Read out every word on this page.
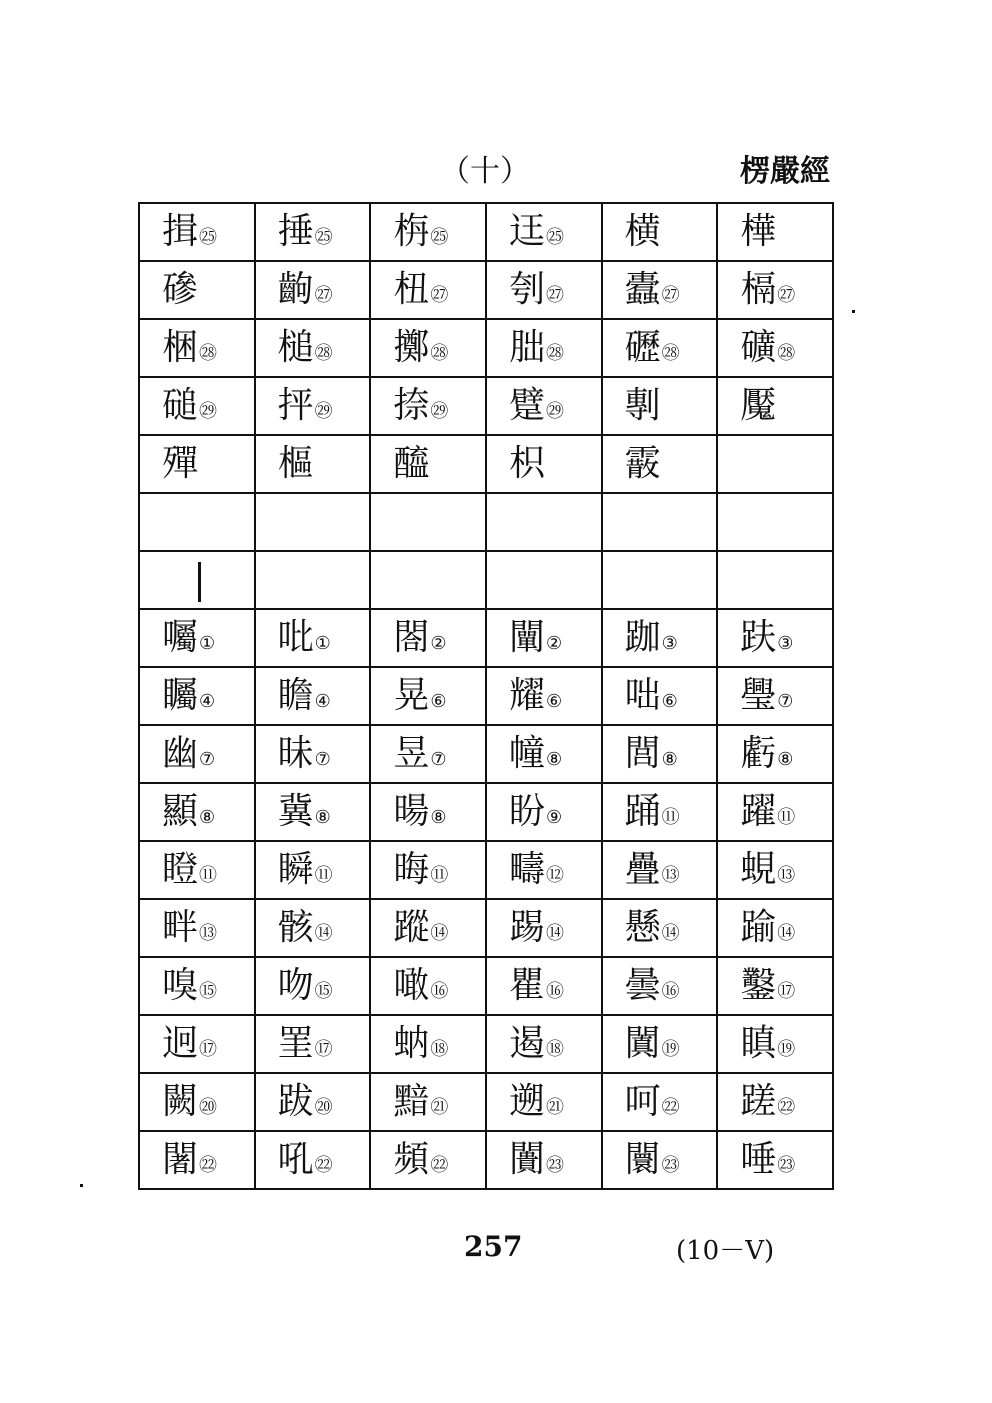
（十）	楞嚴經
揖㉕	捶㉕	栴㉕	迋㉕	横	樺
磣	齣㉗	杻㉗	刳㉗	蠹㉗	槅㉗
梱㉘	槌㉘	擲㉘	朏㉘	礰㉘	礦㉘
磓㉙	抨㉙	捺㉙	躄㉙	剸	魘
殫	樞	醯	枳	霰	

囑①	吡①	閤②	闡②	跏③	趺③
矚④	瞻④	晃⑥	耀⑥	咄⑥	璺⑦
幽⑦	昧⑦	昱⑦	幢⑧	閭⑧	虧⑧
顯⑧	冀⑧	暘⑧	盼⑨	踊⑪	躍⑪
瞪⑪	瞬⑪	晦⑪	疇⑫	疊⑬	蜆⑬
畔⑬	骸⑭	蹤⑭	踢⑭	懸⑭	踰⑭
嗅⑮	吻⑮	噉⑯	瞿⑯	曇⑯	鑿⑰
迥⑰	罣⑰	蚋⑱	遏⑱	闐⑲	瞋⑲
闕⑳	跋⑳	黯㉑	遡㉑	呵㉒	蹉㉒
闍㉒	吼㉒	頻㉒	闠㉓	闤㉓	唾㉓
257	(10－V)
